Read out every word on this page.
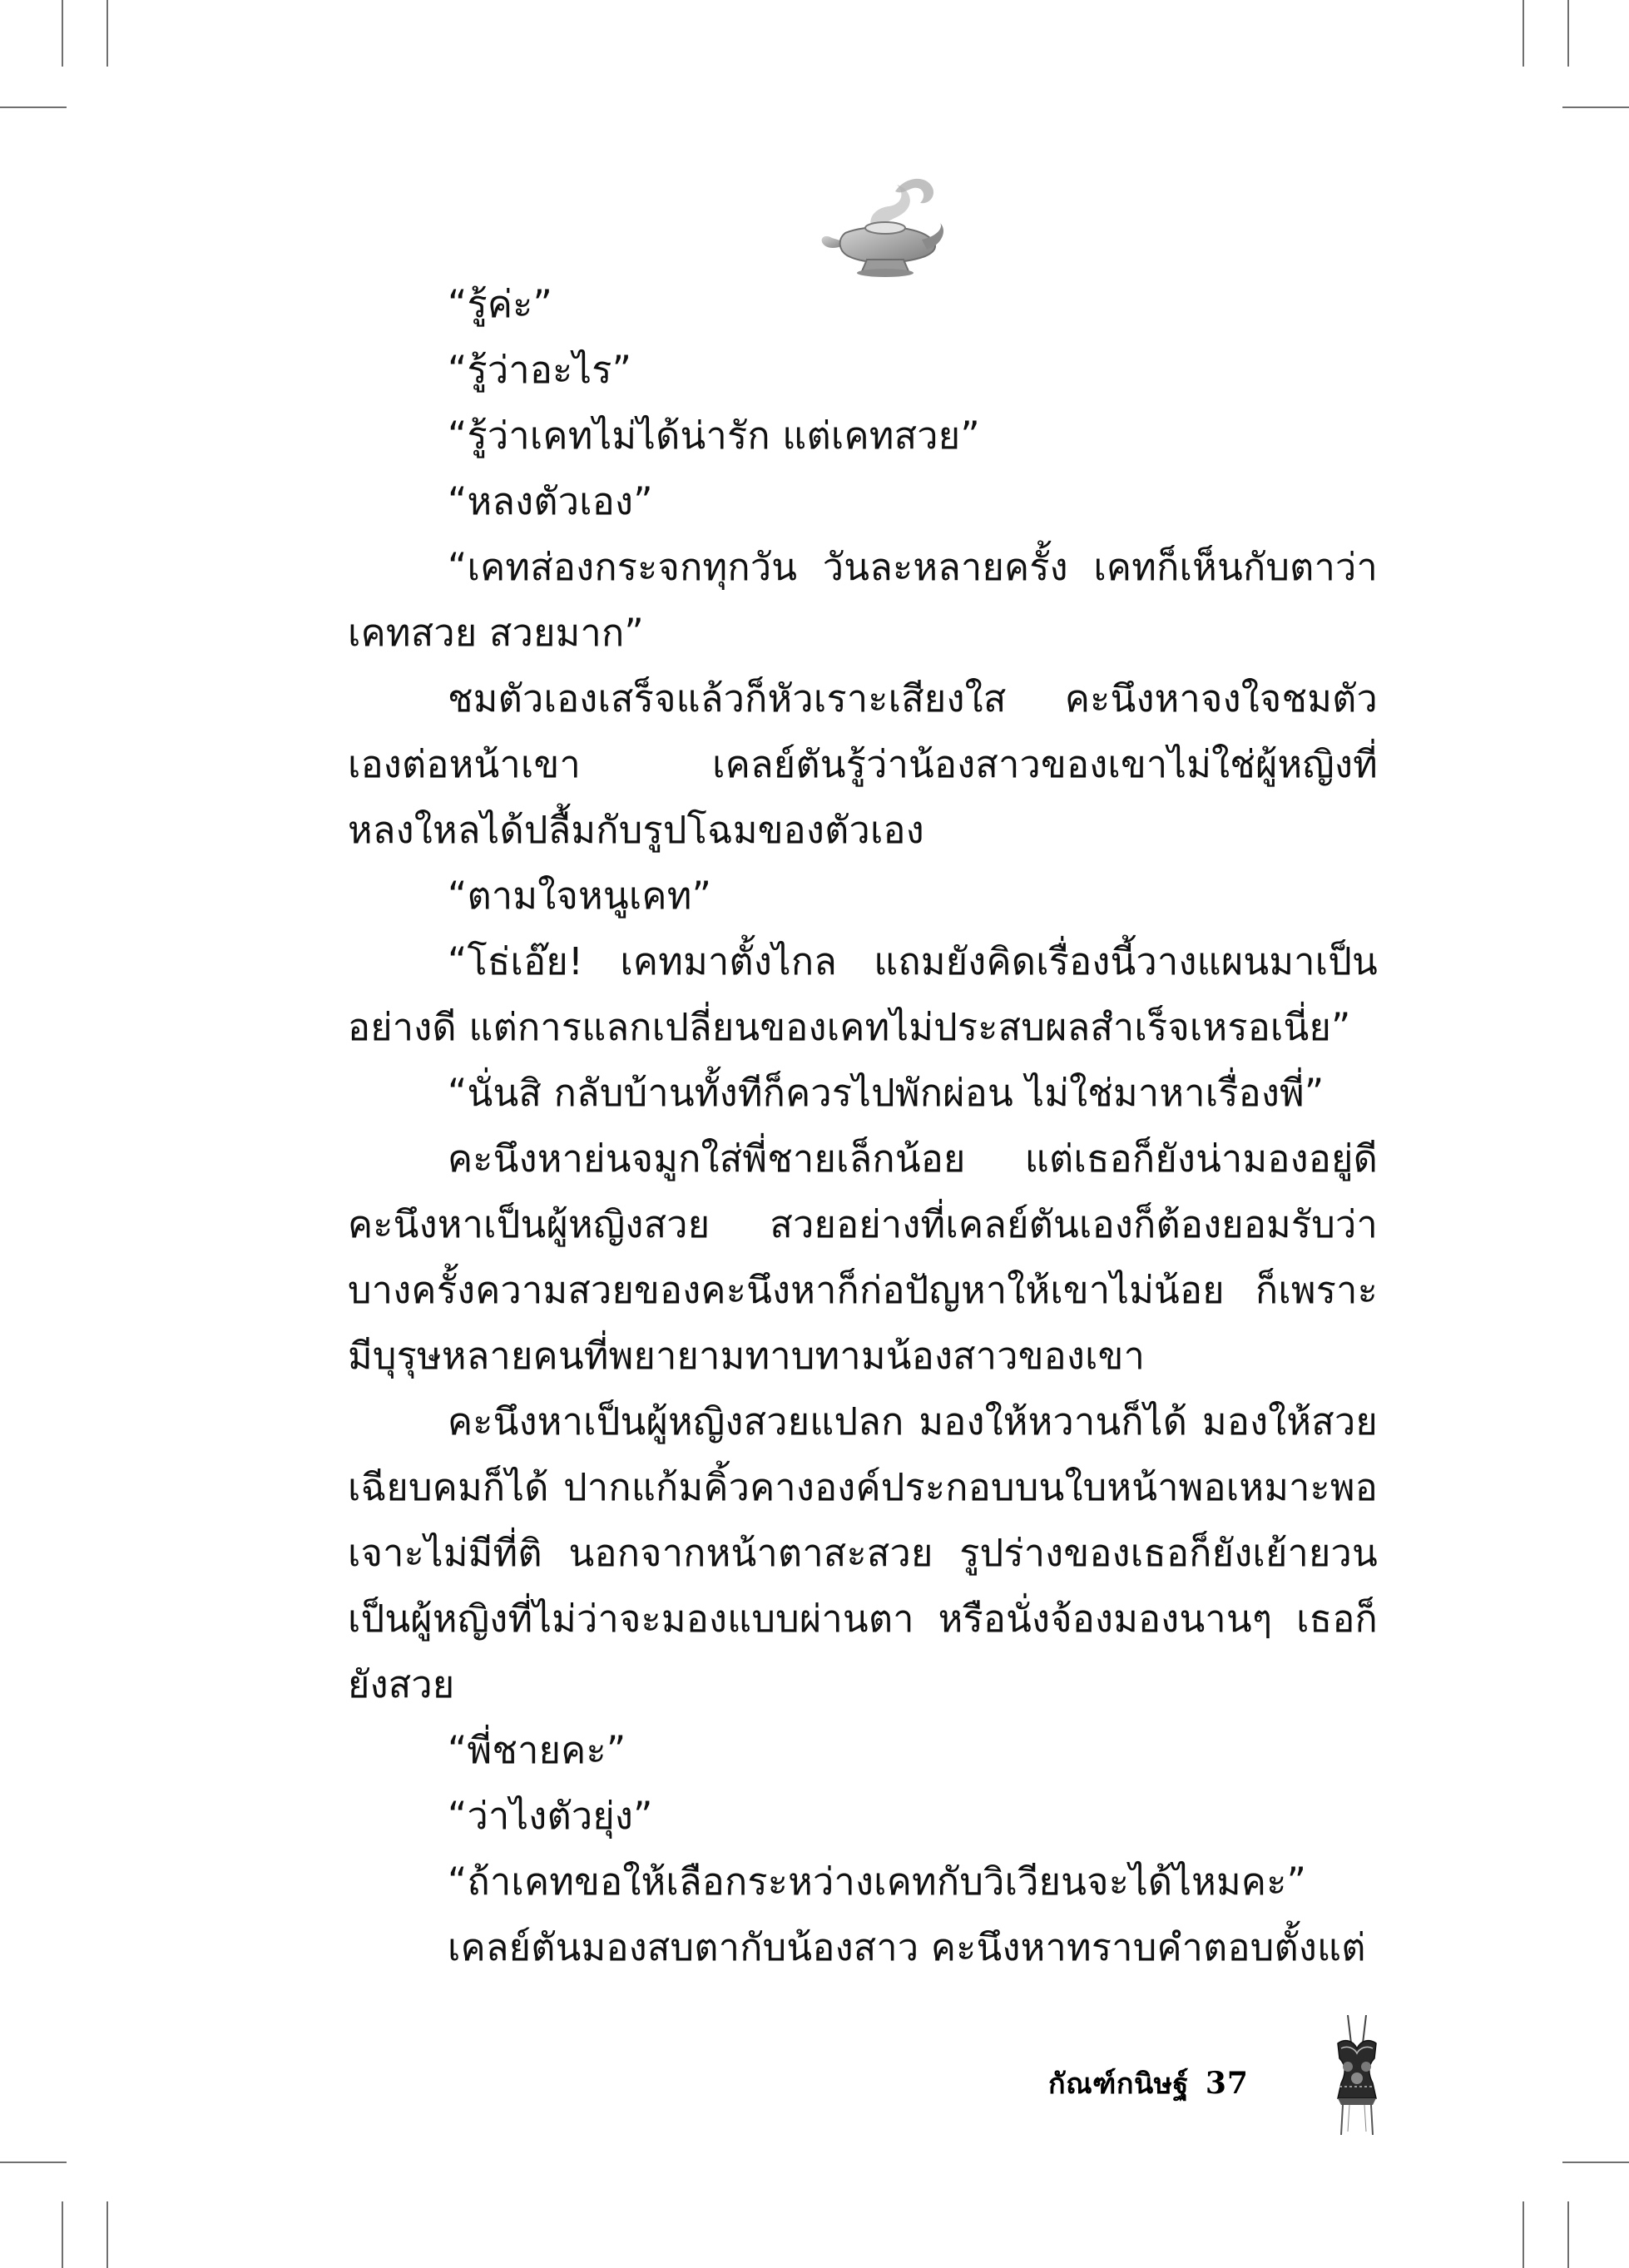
“รู้ค่ะ”

“รู้ว่าอะไร”

“รู้ว่าเคทไม่ได้น่ารัก แต่เคทสวย”

“หลงตัวเอง”

“เคทส่องกระจกทุกวัน วันละหลายครั้ง เคทก็เห็นกับตาว่าเคทสวย สวยมาก”

ชมตัวเองเสร็จแล้วก็หัวเราะเสียงใส คะนึงหาจงใจชมตัวเองต่อหน้าเขา เคลย์ตันรู้ว่าน้องสาวของเขาไม่ใช่ผู้หญิงที่หลงใหลได้ปลื้มกับรูปโฉมของตัวเอง

“ตามใจหนูเคท”

“โธ่เอ๊ย! เคทมาตั้งไกล แถมยังคิดเรื่องนี้วางแผนมาเป็นอย่างดี แต่การแลกเปลี่ยนของเคทไม่ประสบผลสำเร็จเหรอเนี่ย”

“นั่นสิ กลับบ้านทั้งทีก็ควรไปพักผ่อน ไม่ใช่มาหาเรื่องพี่”

คะนึงหาย่นจมูกใส่พี่ชายเล็กน้อย แต่เธอก็ยังน่ามองอยู่ดี คะนึงหาเป็นผู้หญิงสวย สวยอย่างที่เคลย์ตันเองก็ต้องยอมรับว่า บางครั้งความสวยของคะนึงหาก็ก่อปัญหาให้เขาไม่น้อย ก็เพราะมีบุรุษหลายคนที่พยายามทาบทามน้องสาวของเขา

คะนึงหาเป็นผู้หญิงสวยแปลก มองให้หวานก็ได้ มองให้สวยเฉียบคมก็ได้ ปากแก้มคิ้วคางองค์ประกอบบนใบหน้าพอเหมาะพอเจาะไม่มีที่ติ นอกจากหน้าตาสะสวย รูปร่างของเธอก็ยังเย้ายวน เป็นผู้หญิงที่ไม่ว่าจะมองแบบผ่านตา หรือนั่งจ้องมองนานๆ เธอก็ยังสวย

“พี่ชายคะ”

“ว่าไงตัวยุ่ง”

“ถ้าเคทขอให้เลือกระหว่างเคทกับวิเวียนจะได้ไหมคะ”

เคลย์ตันมองสบตากับน้องสาว คะนึงหาทราบคำตอบตั้งแต่

กัณฑ์กนิษฐ์ 37
